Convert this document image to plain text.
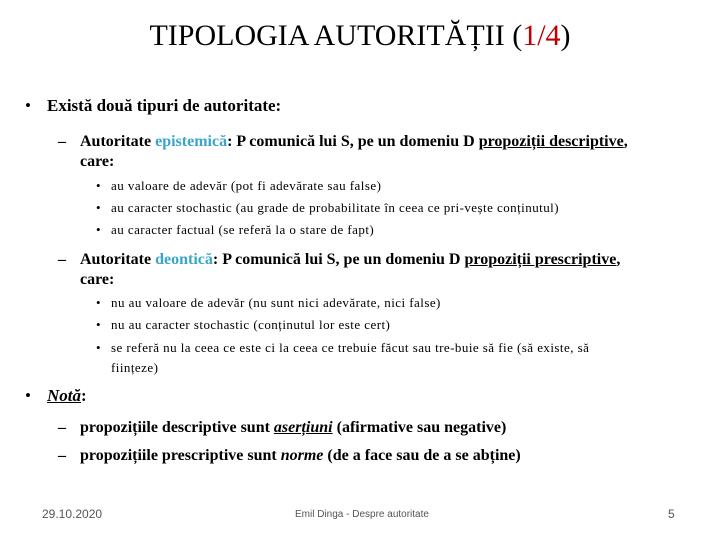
TIPOLOGIA AUTORITĂȚII (1/4)
• Există două tipuri de autoritate:
– Autoritate epistemică: P comunică lui S, pe un domeniu D propoziții descriptive,
care:
• au valoare de adevăr (pot fi adevărate sau false)
• au caracter stochastic (au grade de probabilitate în ceea ce pri-vește conținutul)
• au caracter factual (se referă la o stare de fapt)
– Autoritate deontică: P comunică lui S, pe un domeniu D propoziții prescriptive,
care:
• nu au valoare de adevăr (nu sunt nici adevărate, nici false)
• nu au caracter stochastic (conținutul lor este cert)
• se referă nu la ceea ce este ci la ceea ce trebuie făcut sau tre-buie să fie (să existe, să
ființeze)
• Notă:
– propozițiile descriptive sunt aserțiuni (afirmative sau negative)
– propozițiile prescriptive sunt norme (de a face sau de a se abține)
29.10.2020	Emil Dinga - Despre autoritate	5
